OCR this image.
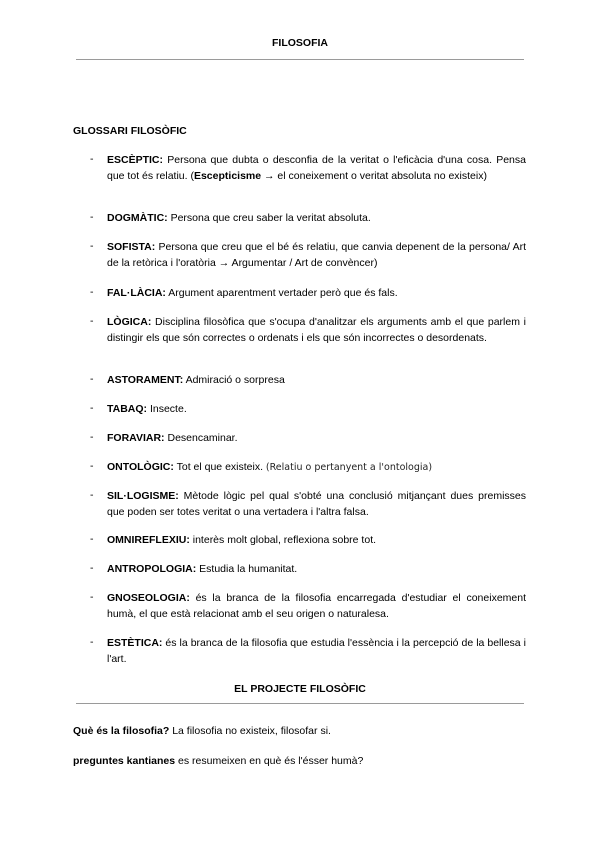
FILOSOFIA
GLOSSARI FILOSÒFIC
- ESCÈPTIC: Persona que dubta o desconfia de la veritat o l'eficàcia d'una cosa. Pensa que tot és relatiu. (Escepticisme → el coneixement o veritat absoluta no existeix)
- DOGMÀTIC: Persona que creu saber la veritat absoluta.
- SOFISTA: Persona que creu que el bé és relatiu, que canvia depenent de la persona/ Art de la retòrica i l'oratòria → Argumentar / Art de convèncer)
- FAL·LÀCIA: Argument aparentment vertader però que és fals.
- LÒGICA: Disciplina filosòfica que s'ocupa d'analitzar els arguments amb el que parlem i distingir els que són correctes o ordenats i els que són incorrectes o desordenats.
- ASTORAMENT: Admiració o sorpresa
- TABAQ: Insecte.
- FORAVIAR: Desencaminar.
- ONTOLÒGIC: Tot el que existeix. (Relatiu o pertanyent a l'ontologia)
- SIL·LOGISME: Mètode lògic pel qual s'obté una conclusió mitjançant dues premisses que poden ser totes veritat o una vertadera i l'altra falsa.
- OMNIREFLEXIU: interès molt global, reflexiona sobre tot.
- ANTROPOLOGIA: Estudia la humanitat.
- GNOSEOLOGIA: és la branca de la filosofia encarregada d'estudiar el coneixement humà, el que està relacionat amb el seu origen o naturalesa.
- ESTÈTICA: és la branca de la filosofia que estudia l'essència i la percepció de la bellesa i l'art.
EL PROJECTE FILOSÒFIC
Què és la filosofia? La filosofia no existeix, filosofar si.
preguntes kantianes es resumeixen en què és l'ésser humà?
